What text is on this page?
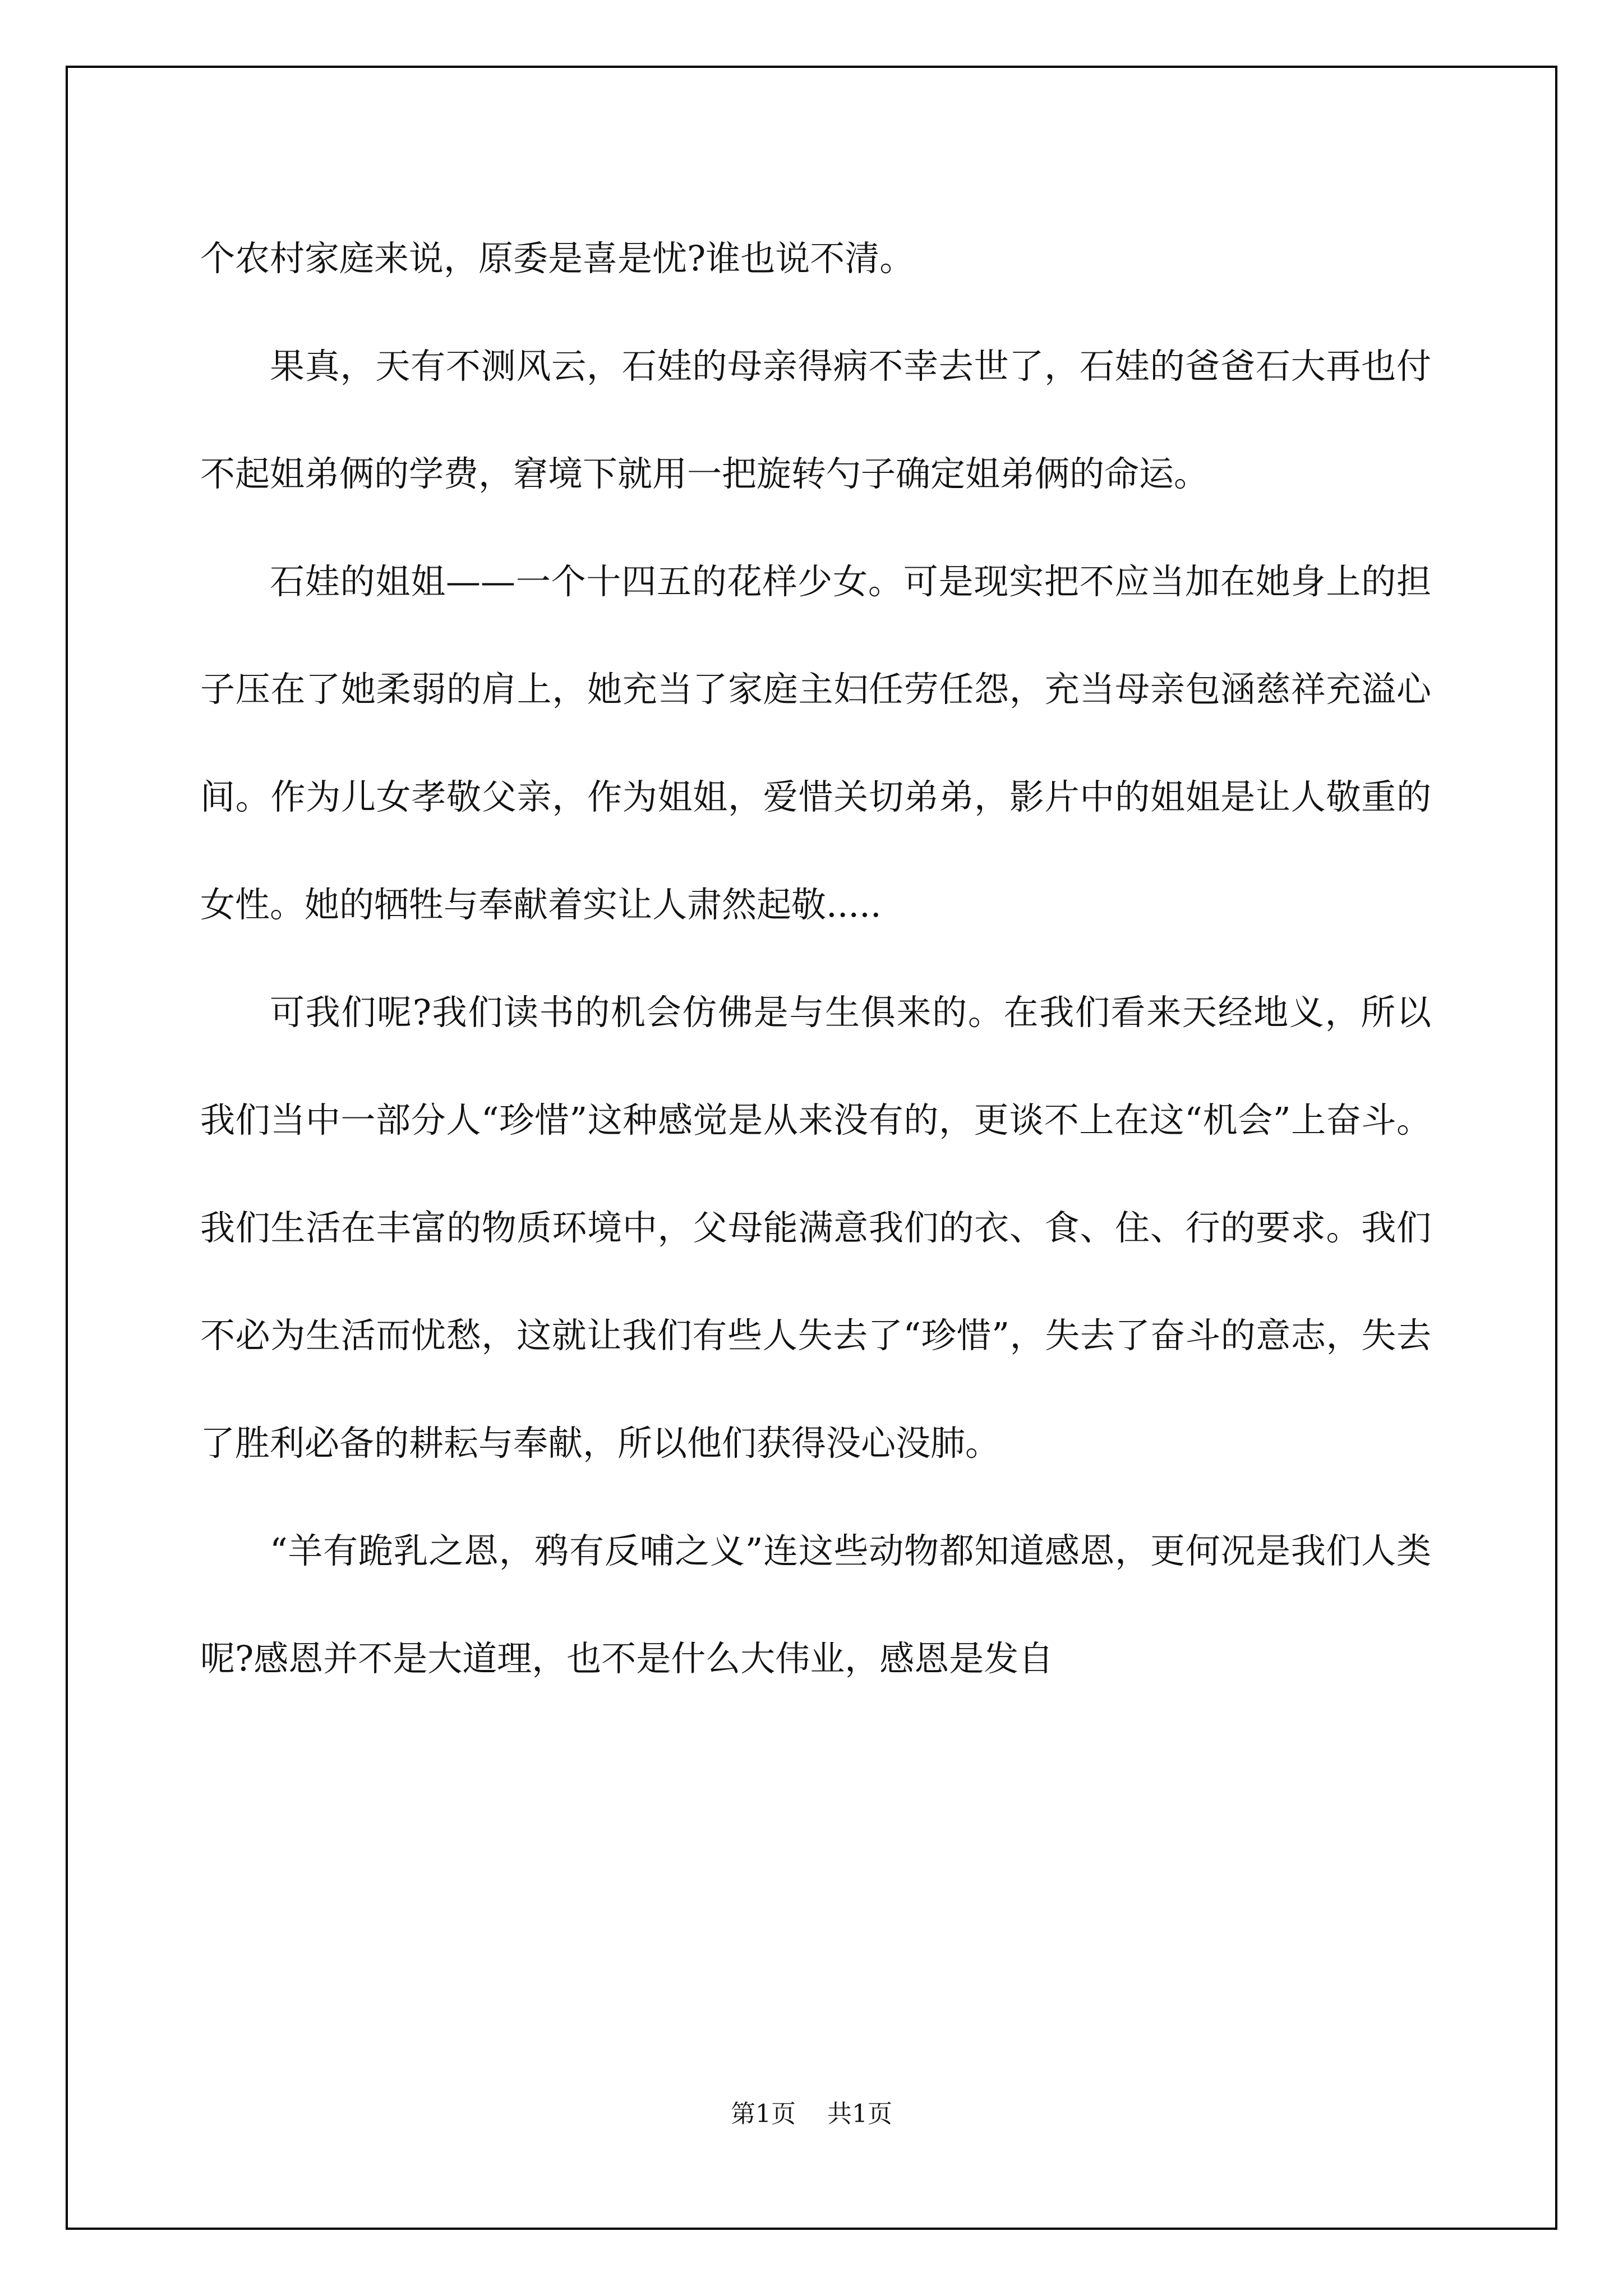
个农村家庭来说，原委是喜是忧?谁也说不清。

果真，天有不测风云，石娃的母亲得病不幸去世了，石娃的爸爸石大再也付不起姐弟俩的学费，窘境下就用一把旋转勺子确定姐弟俩的命运。

石娃的姐姐——一个十四五的花样少女。可是现实把不应当加在她身上的担子压在了她柔弱的肩上，她充当了家庭主妇任劳任怨，充当母亲包涵慈祥充溢心间。作为儿女孝敬父亲，作为姐姐，爱惜关切弟弟，影片中的姐姐是让人敬重的女性。她的牺牲与奉献着实让人肃然起敬.....

可我们呢?我们读书的机会仿佛是与生俱来的。在我们看来天经地义，所以我们当中一部分人“珍惜”这种感觉是从来没有的，更谈不上在这“机会”上奋斗。我们生活在丰富的物质环境中，父母能满意我们的衣、食、住、行的要求。我们不必为生活而忧愁，这就让我们有些人失去了“珍惜”，失去了奋斗的意志，失去了胜利必备的耕耘与奉献，所以他们获得没心没肺。

“羊有跪乳之恩，鸦有反哺之义”连这些动物都知道感恩，更何况是我们人类呢?感恩并不是大道理，也不是什么大伟业，感恩是发自

第1页 共1页
